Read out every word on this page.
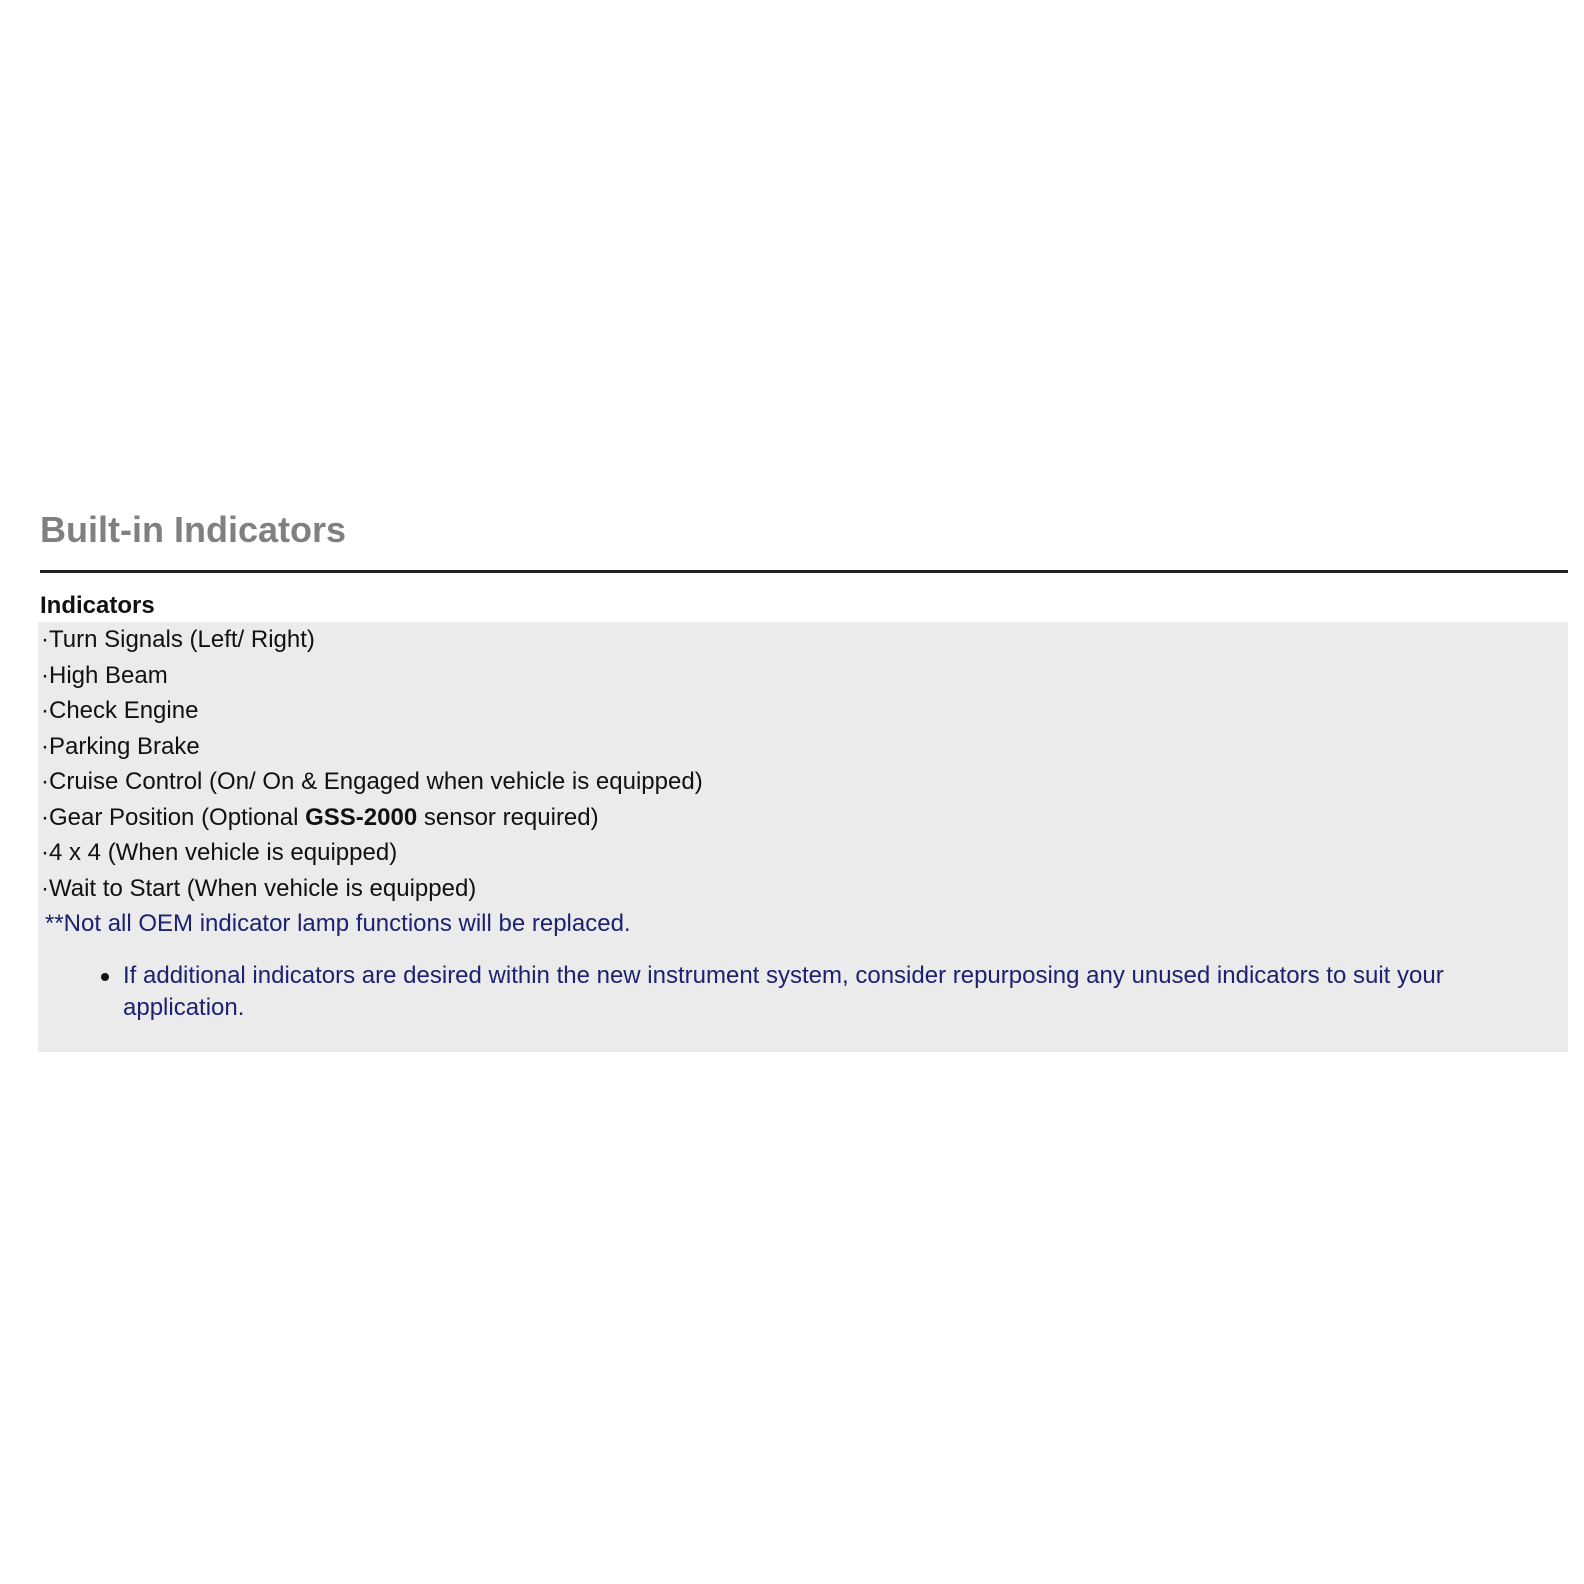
Built-in Indicators
Indicators
·Turn Signals (Left/ Right)
·High Beam
·Check Engine
·Parking Brake
·Cruise Control (On/ On & Engaged when vehicle is equipped)
·Gear Position (Optional GSS-2000 sensor required)
·4 x 4 (When vehicle is equipped)
·Wait to Start (When vehicle is equipped)
**Not all OEM indicator lamp functions will be replaced.
If additional indicators are desired within the new instrument system, consider repurposing any unused indicators to suit your application.
